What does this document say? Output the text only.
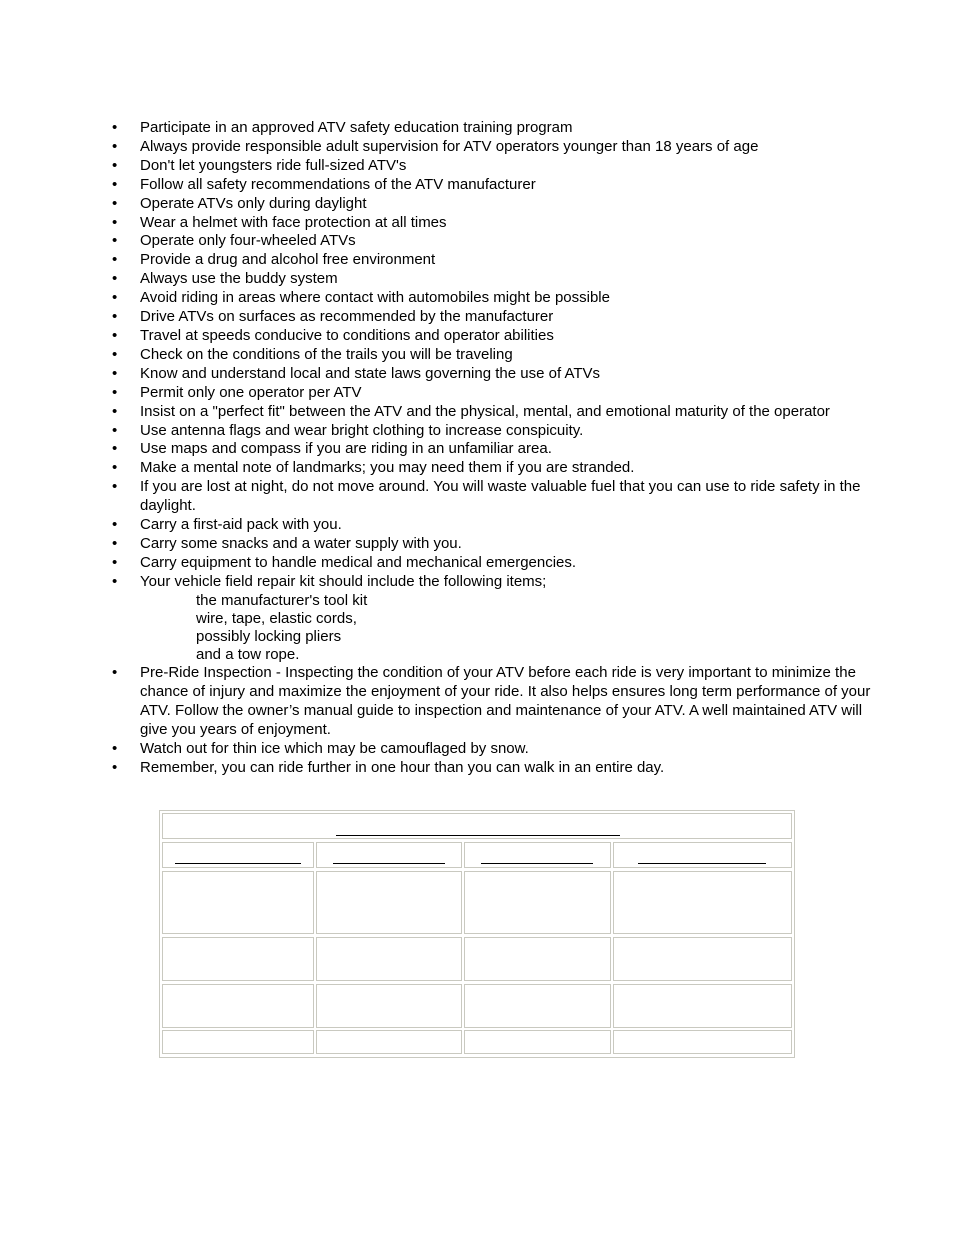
•	Participate in an approved ATV safety education training program
•	Always provide responsible adult supervision for ATV operators younger than 18 years of age
•	Don't let youngsters ride full-sized ATV's
•	Follow all safety recommendations of the ATV manufacturer
•	Operate ATVs only during daylight
•	Wear a helmet with face protection at all times
•	Operate only four-wheeled ATVs
•	Provide a drug and alcohol free environment
•	Always use the buddy system
•	Avoid riding in areas where contact with automobiles might be possible
•	Drive ATVs on surfaces as recommended by the manufacturer
•	Travel at speeds conducive to conditions and operator abilities
•	Check on the conditions of the trails you will be traveling
•	Know and understand local and state laws governing the use of ATVs
•	Permit only one operator per ATV
•	Insist on a "perfect fit" between the ATV and the physical, mental, and emotional maturity of the operator
•	Use antenna flags and wear bright clothing to increase conspicuity.
•	Use maps and compass if you are riding in an unfamiliar area.
•	Make a mental note of landmarks; you may need them if you are stranded.
•	If you are lost at night, do not move around. You will waste valuable fuel that you can use to ride safety in the daylight.
•	Carry a first-aid pack with you.
•	Carry some snacks and a water supply with you.
•	Carry equipment to handle medical and mechanical emergencies.
•	Your vehicle field repair kit should include the following items;
the manufacturer's tool kit
wire, tape, elastic cords,
possibly locking pliers
and a tow rope.
•	Pre-Ride Inspection - Inspecting the condition of your ATV before each ride is very important to minimize the chance of injury and maximize the enjoyment of your ride. It also helps ensures long term performance of your ATV. Follow the owner’s manual guide to inspection and maintenance of your ATV. A well maintained ATV will give you years of enjoyment.
•	Watch out for thin ice which may be camouflaged by snow.
•	Remember, you can ride further in one hour than you can walk in an entire day.
